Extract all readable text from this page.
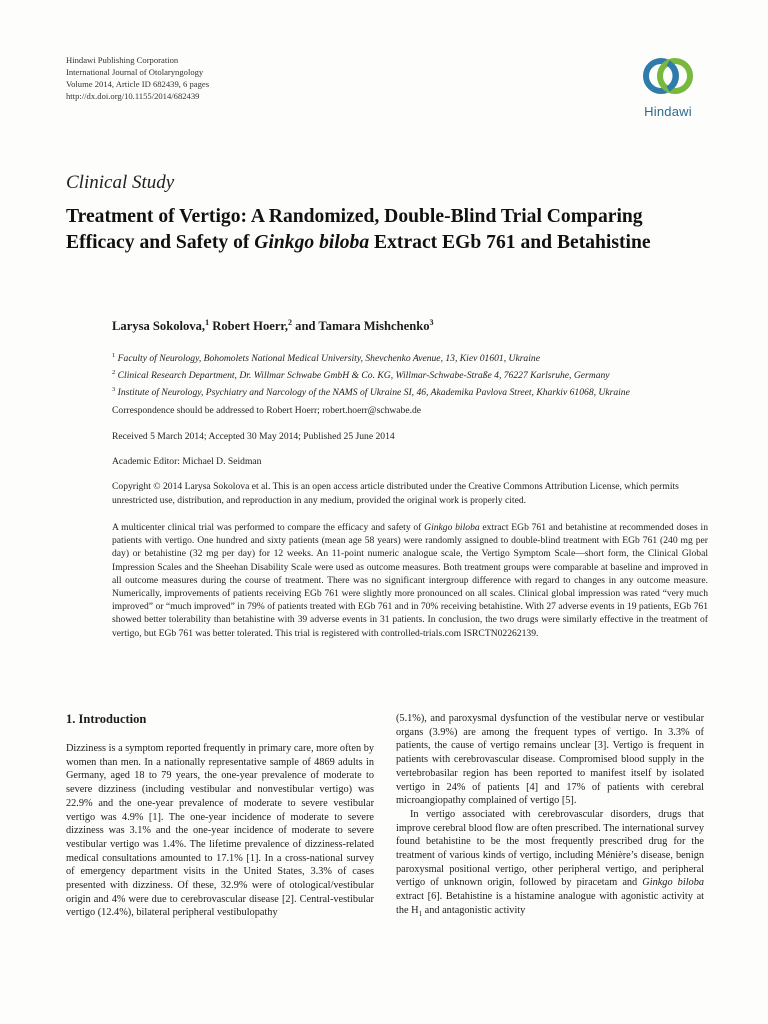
Hindawi Publishing Corporation
International Journal of Otolaryngology
Volume 2014, Article ID 682439, 6 pages
http://dx.doi.org/10.1155/2014/682439
Hindawi
Clinical Study
Treatment of Vertigo: A Randomized, Double-Blind Trial Comparing Efficacy and Safety of Ginkgo biloba Extract EGb 761 and Betahistine
Larysa Sokolova,$^1$ Robert Hoerr,$^2$ and Tamara Mishchenko$^3$
$^1$ Faculty of Neurology, Bohomolets National Medical University, Shevchenko Avenue, 13, Kiev 01601, Ukraine
$^2$ Clinical Research Department, Dr. Willmar Schwabe GmbH & Co. KG, Willmar-Schwabe-Straße 4, 76227 Karlsruhe, Germany
$^3$ Institute of Neurology, Psychiatry and Narcology of the NAMS of Ukraine SI, 46, Akademika Pavlova Street, Kharkiv 61068, Ukraine
Correspondence should be addressed to Robert Hoerr; robert.hoerr@schwabe.de
Received 5 March 2014; Accepted 30 May 2014; Published 25 June 2014
Academic Editor: Michael D. Seidman
Copyright © 2014 Larysa Sokolova et al. This is an open access article distributed under the Creative Commons Attribution License, which permits unrestricted use, distribution, and reproduction in any medium, provided the original work is properly cited.
A multicenter clinical trial was performed to compare the efficacy and safety of Ginkgo biloba extract EGb 761 and betahistine at recommended doses in patients with vertigo. One hundred and sixty patients (mean age 58 years) were randomly assigned to double-blind treatment with EGb 761 (240 mg per day) or betahistine (32 mg per day) for 12 weeks. An 11-point numeric analogue scale, the Vertigo Symptom Scale—short form, the Clinical Global Impression Scales and the Sheehan Disability Scale were used as outcome measures. Both treatment groups were comparable at baseline and improved in all outcome measures during the course of treatment. There was no significant intergroup difference with regard to changes in any outcome measure. Numerically, improvements of patients receiving EGb 761 were slightly more pronounced on all scales. Clinical global impression was rated “very much improved” or “much improved” in 79% of patients treated with EGb 761 and in 70% receiving betahistine. With 27 adverse events in 19 patients, EGb 761 showed better tolerability than betahistine with 39 adverse events in 31 patients. In conclusion, the two drugs were similarly effective in the treatment of vertigo, but EGb 761 was better tolerated. This trial is registered with controlled-trials.com ISRCTN02262139.
1. Introduction

Dizziness is a symptom reported frequently in primary care, more often by women than men. In a nationally representative sample of 4869 adults in Germany, aged 18 to 79 years, the one-year prevalence of moderate to severe dizziness (including vestibular and nonvestibular vertigo) was 22.9% and the one-year prevalence of moderate to severe vestibular vertigo was 4.9% [1]. The one-year incidence of moderate to severe dizziness was 3.1% and the one-year incidence of moderate to severe vestibular vertigo was 1.4%. The lifetime prevalence of dizziness-related medical consultations amounted to 17.1% [1]. In a cross-national survey of emergency department visits in the United States, 3.3% of cases presented with dizziness. Of these, 32.9% were of otological/vestibular origin and 4% were due to cerebrovascular disease [2]. Central-vestibular vertigo (12.4%), bilateral peripheral vestibulopathy

(5.1%), and paroxysmal dysfunction of the vestibular nerve or vestibular organs (3.9%) are among the frequent types of vertigo. In 3.3% of patients, the cause of vertigo remains unclear [3]. Vertigo is frequent in patients with cerebrovascular disease. Compromised blood supply in the vertebrobasilar region has been reported to manifest itself by isolated vertigo in 24% of patients [4] and 17% of patients with cerebral microangiopathy complained of vertigo [5].

In vertigo associated with cerebrovascular disorders, drugs that improve cerebral blood flow are often prescribed. The international survey found betahistine to be the most frequently prescribed drug for the treatment of various kinds of vertigo, including Ménière’s disease, benign paroxysmal positional vertigo, other peripheral vertigo, and peripheral vertigo of unknown origin, followed by piracetam and Ginkgo biloba extract [6]. Betahistine is a histamine analogue with agonistic activity at the $H_1$ and antagonistic activity
